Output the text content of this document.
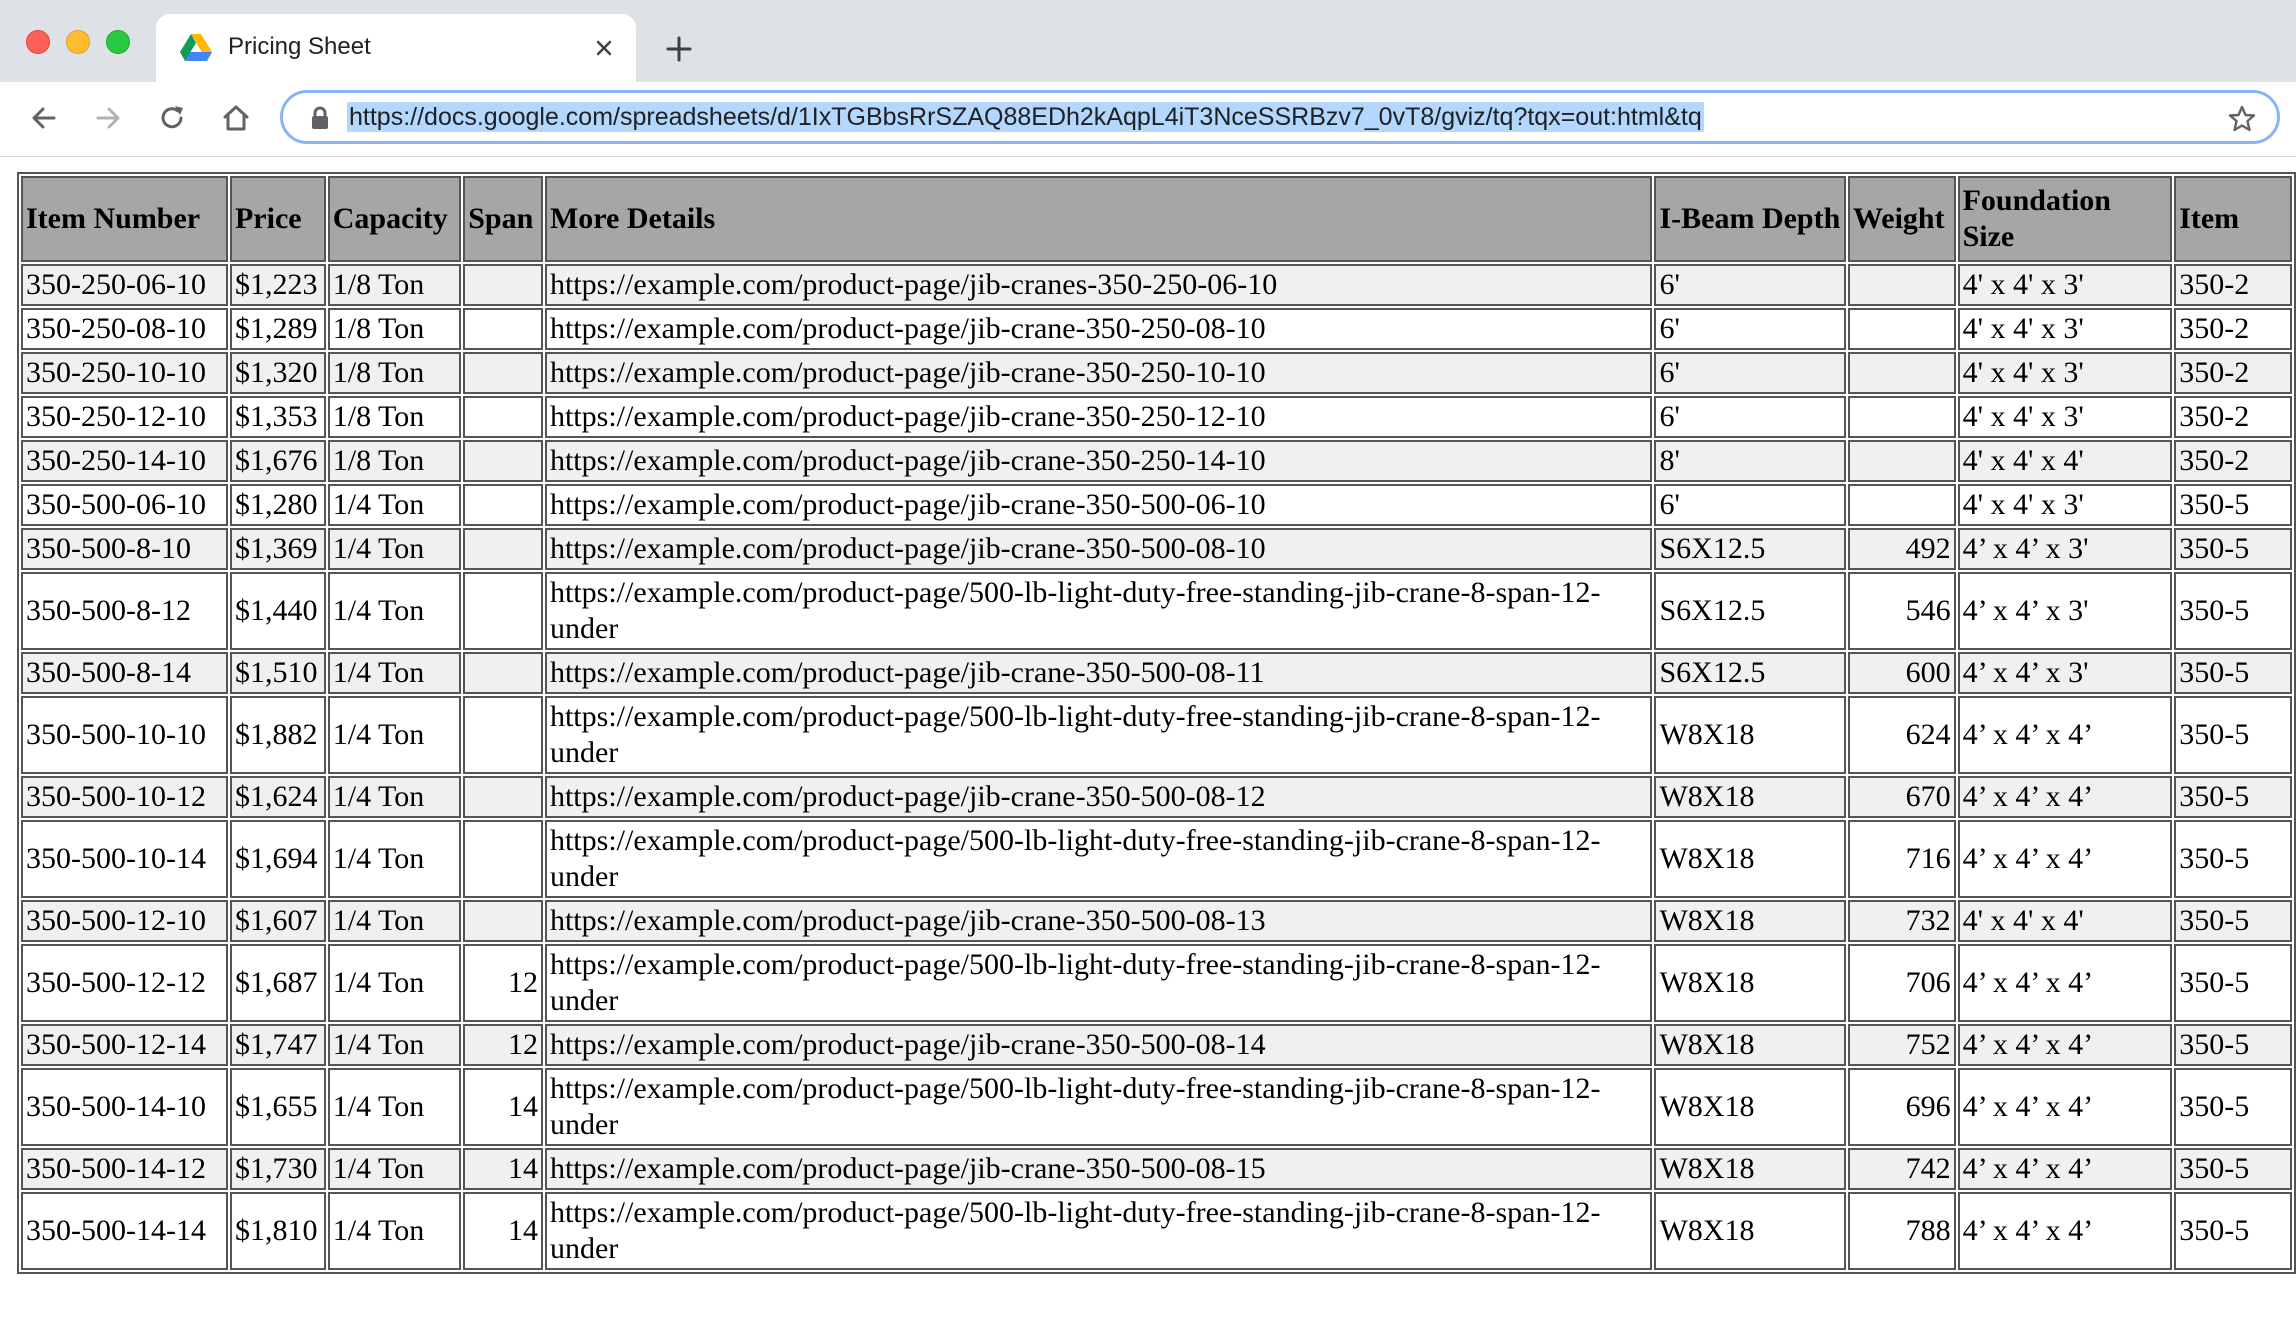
Pricing Sheet
https://docs.google.com/spreadsheets/d/1IxTGBbsRrSZAQ88EDh2kAqpL4iT3NceSSRBzv7_0vT8/gviz/tq?tqx=out:html&tq
Item Number	Price	Capacity	Span	More Details	I-Beam Depth	Weight	Foundation Size	Item
350-250-06-10	$1,223	1/8 Ton		https://example.com/product-page/jib-cranes-350-250-06-10	6'		4' x 4' x 3'	350-2
350-250-08-10	$1,289	1/8 Ton		https://example.com/product-page/jib-crane-350-250-08-10	6'		4' x 4' x 3'	350-2
350-250-10-10	$1,320	1/8 Ton		https://example.com/product-page/jib-crane-350-250-10-10	6'		4' x 4' x 3'	350-2
350-250-12-10	$1,353	1/8 Ton		https://example.com/product-page/jib-crane-350-250-12-10	6'		4' x 4' x 3'	350-2
350-250-14-10	$1,676	1/8 Ton		https://example.com/product-page/jib-crane-350-250-14-10	8'		4' x 4' x 4'	350-2
350-500-06-10	$1,280	1/4 Ton		https://example.com/product-page/jib-crane-350-500-06-10	6'		4' x 4' x 3'	350-5
350-500-8-10	$1,369	1/4 Ton		https://example.com/product-page/jib-crane-350-500-08-10	S6X12.5	492	4’ x 4’ x 3'	350-5
350-500-8-12	$1,440	1/4 Ton		https://example.com/product-page/500-lb-light-duty-free-standing-jib-crane-8-span-12-under	S6X12.5	546	4’ x 4’ x 3'	350-5
350-500-8-14	$1,510	1/4 Ton		https://example.com/product-page/jib-crane-350-500-08-11	S6X12.5	600	4’ x 4’ x 3'	350-5
350-500-10-10	$1,882	1/4 Ton		https://example.com/product-page/500-lb-light-duty-free-standing-jib-crane-8-span-12-under	W8X18	624	4’ x 4’ x 4’	350-5
350-500-10-12	$1,624	1/4 Ton		https://example.com/product-page/jib-crane-350-500-08-12	W8X18	670	4’ x 4’ x 4’	350-5
350-500-10-14	$1,694	1/4 Ton		https://example.com/product-page/500-lb-light-duty-free-standing-jib-crane-8-span-12-under	W8X18	716	4’ x 4’ x 4’	350-5
350-500-12-10	$1,607	1/4 Ton		https://example.com/product-page/jib-crane-350-500-08-13	W8X18	732	4' x 4' x 4'	350-5
350-500-12-12	$1,687	1/4 Ton	12	https://example.com/product-page/500-lb-light-duty-free-standing-jib-crane-8-span-12-under	W8X18	706	4’ x 4’ x 4’	350-5
350-500-12-14	$1,747	1/4 Ton	12	https://example.com/product-page/jib-crane-350-500-08-14	W8X18	752	4’ x 4’ x 4’	350-5
350-500-14-10	$1,655	1/4 Ton	14	https://example.com/product-page/500-lb-light-duty-free-standing-jib-crane-8-span-12-under	W8X18	696	4’ x 4’ x 4’	350-5
350-500-14-12	$1,730	1/4 Ton	14	https://example.com/product-page/jib-crane-350-500-08-15	W8X18	742	4’ x 4’ x 4’	350-5
350-500-14-14	$1,810	1/4 Ton	14	https://example.com/product-page/500-lb-light-duty-free-standing-jib-crane-8-span-12-under	W8X18	788	4’ x 4’ x 4’	350-5
